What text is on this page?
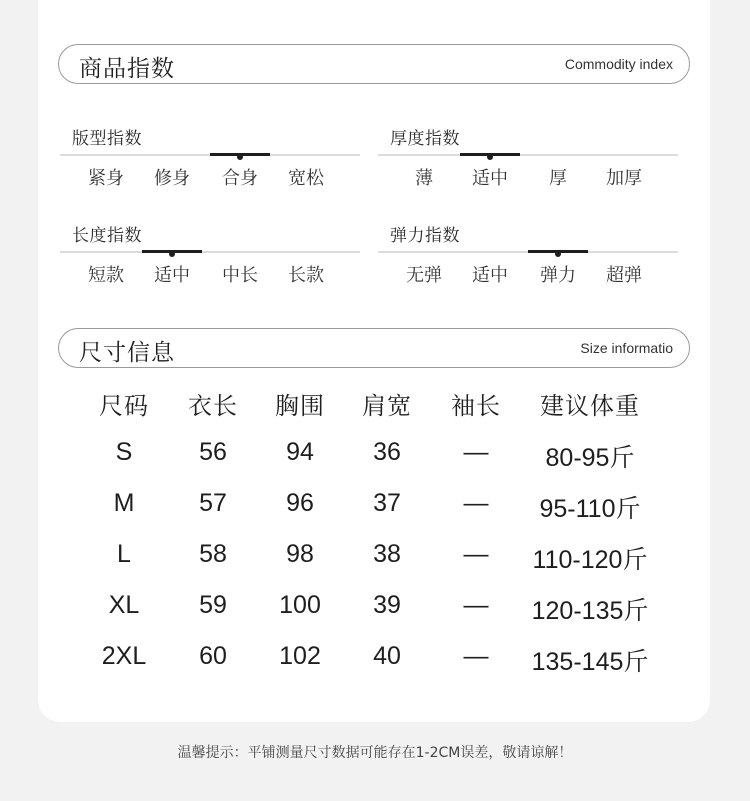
商品指数	Commodity index
版型指数
紧身	修身	合身	宽松
厚度指数
薄	适中	厚	加厚
长度指数
短款	适中	中长	长款
弹力指数
无弹	适中	弹力	超弹
尺寸信息	Size informatio
尺码	衣长	胸围	肩宽	袖长	建议体重
S	56	94	36	—	80-95斤
M	57	96	37	—	95-110斤
L	58	98	38	—	110-120斤
XL	59	100	39	—	120-135斤
2XL	60	102	40	—	135-145斤
温馨提示：平铺测量尺寸数据可能存在1-2CM误差，敬请谅解！
